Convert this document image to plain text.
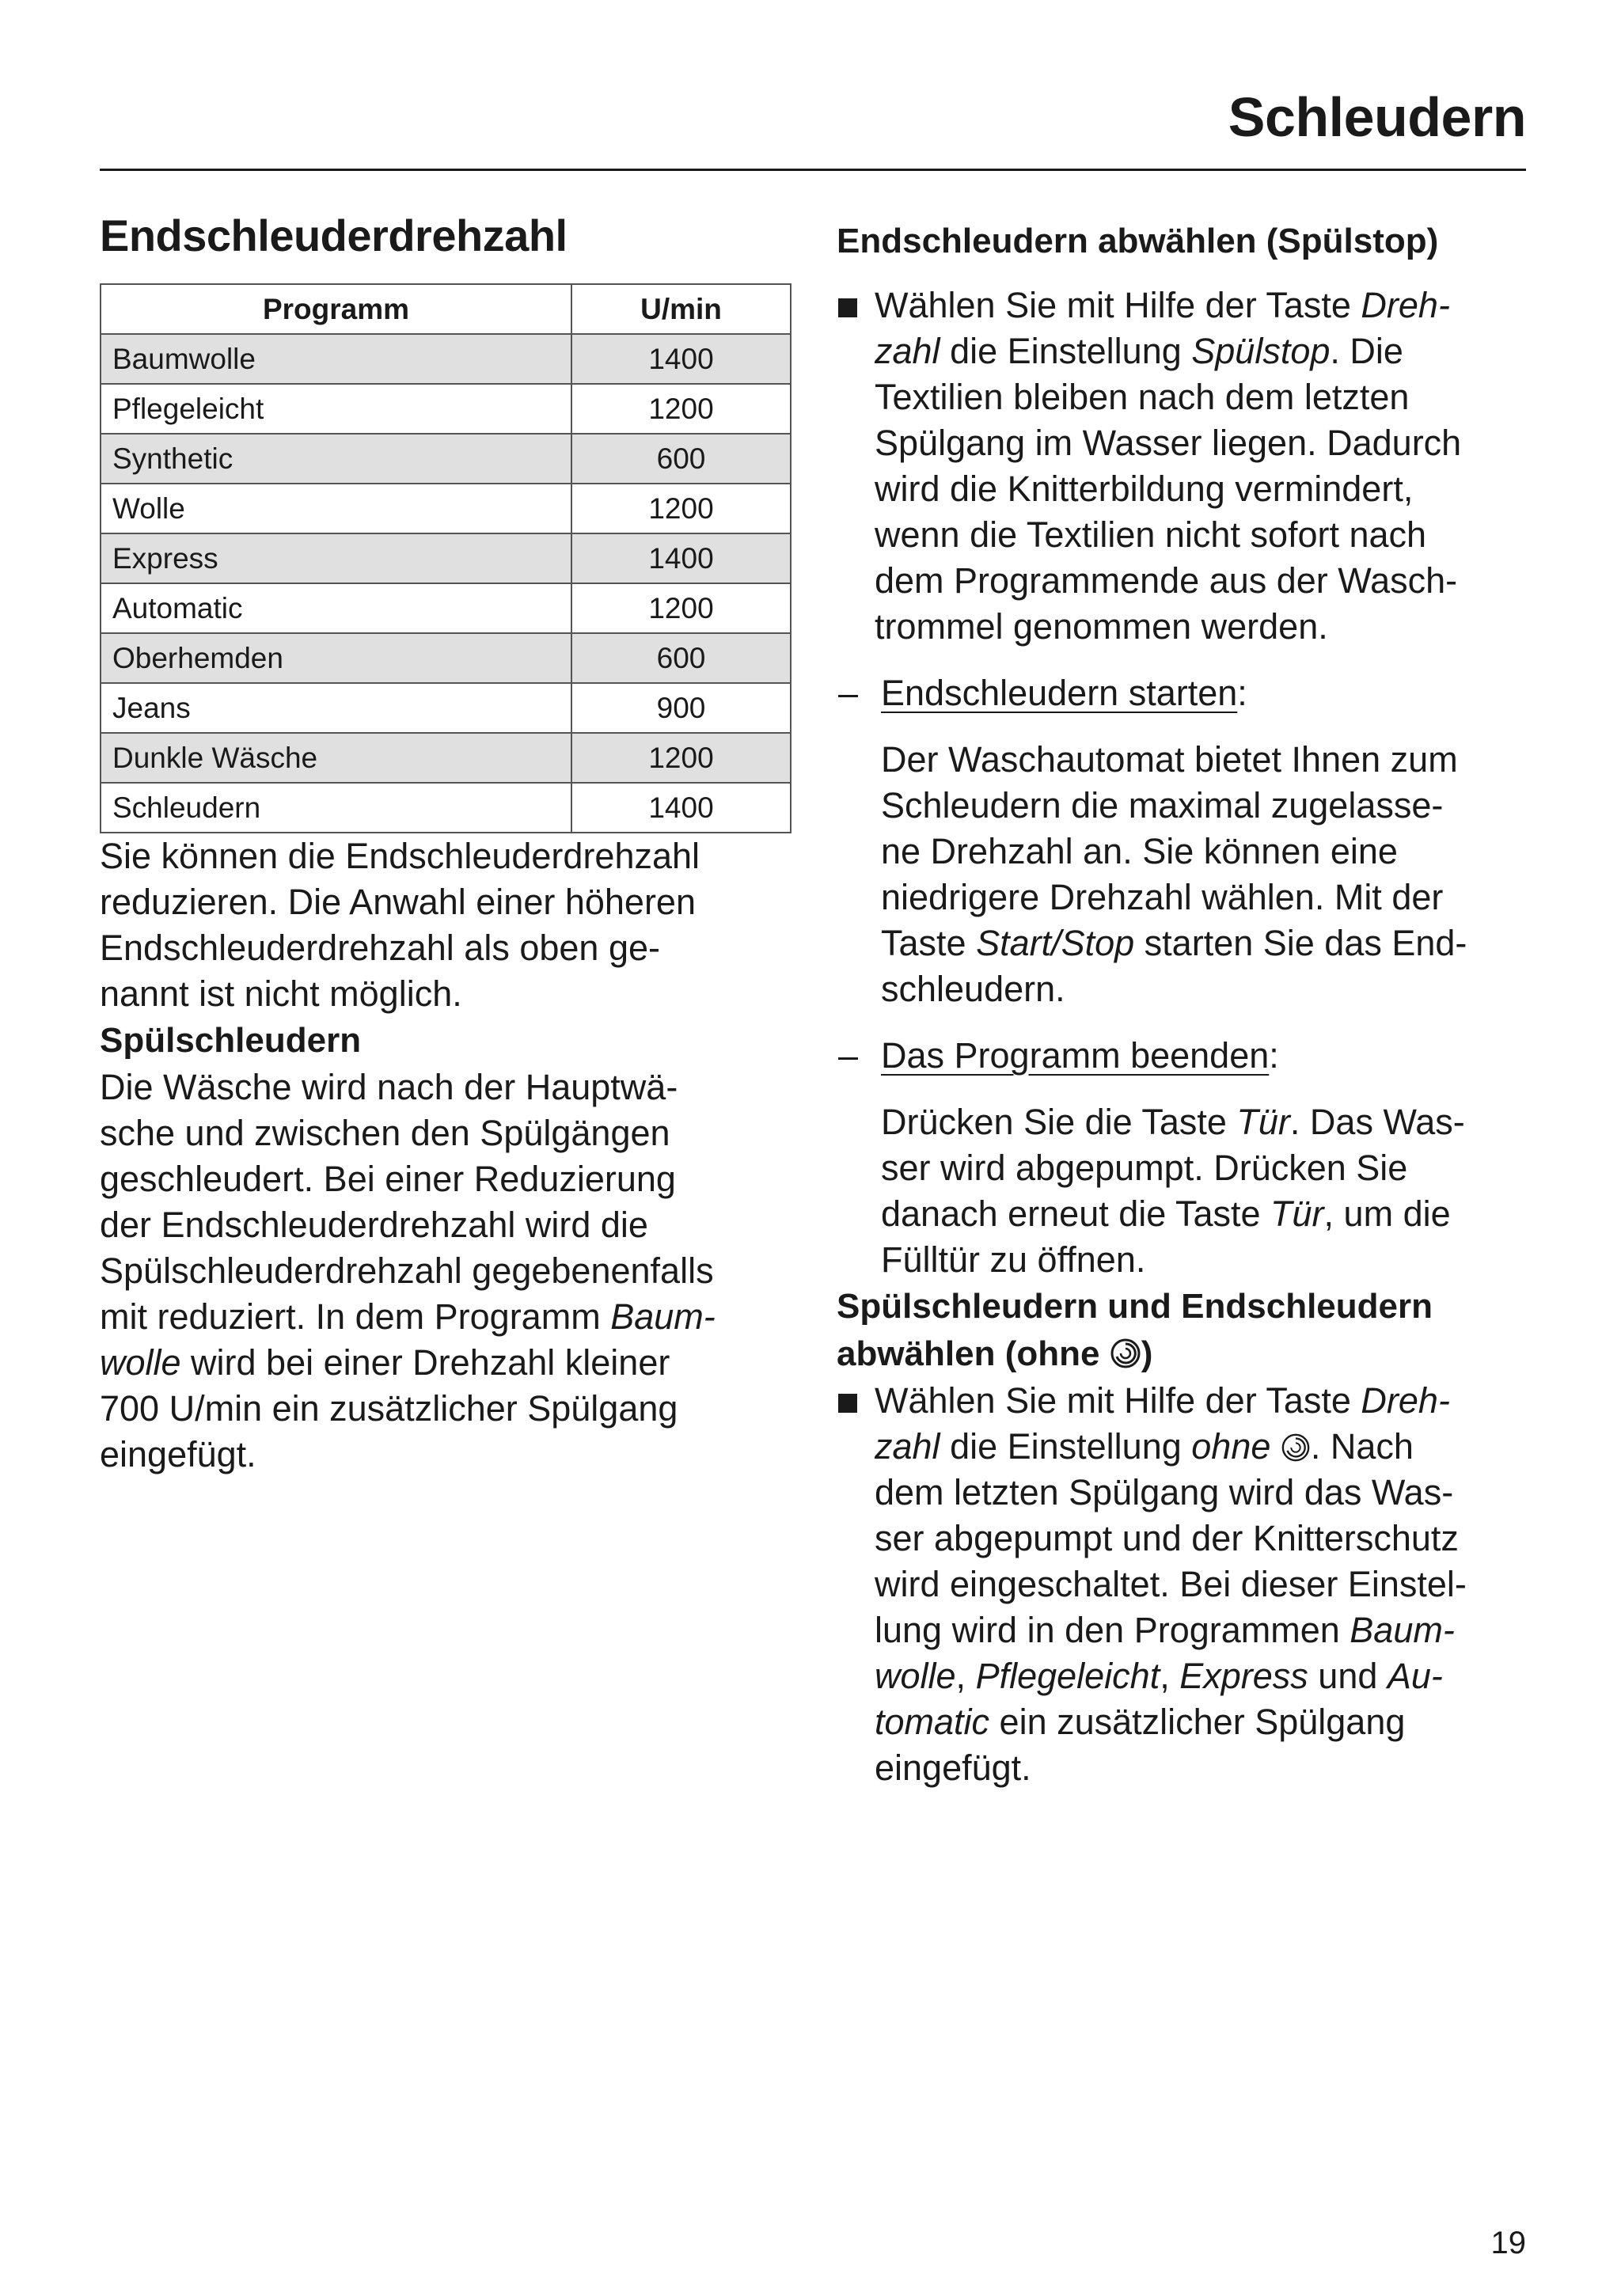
Schleudern
Endschleuderdrehzahl
Programm	U/min
Baumwolle	1400
Pflegeleicht	1200
Synthetic	600
Wolle	1200
Express	1400
Automatic	1200
Oberhemden	600
Jeans	900
Dunkle Wäsche	1200
Schleudern	1400

Sie können die Endschleuderdrehzahl
reduzieren. Die Anwahl einer höheren
Endschleuderdrehzahl als oben ge-
nannt ist nicht möglich.

Spülschleudern

Die Wäsche wird nach der Hauptwä-
sche und zwischen den Spülgängen
geschleudert. Bei einer Reduzierung
der Endschleuderdrehzahl wird die
Spülschleuderdrehzahl gegebenenfalls
mit reduziert. In dem Programm Baum-
wolle wird bei einer Drehzahl kleiner
700 U/min ein zusätzlicher Spülgang
eingefügt.

Endschleudern abwählen (Spülstop)
Wählen Sie mit Hilfe der Taste Dreh-
zahl die Einstellung Spülstop. Die
Textilien bleiben nach dem letzten
Spülgang im Wasser liegen. Dadurch
wird die Knitterbildung vermindert,
wenn die Textilien nicht sofort nach
dem Programmende aus der Wasch-
trommel genommen werden.
– Endschleudern starten:
Der Waschautomat bietet Ihnen zum
Schleudern die maximal zugelasse-
ne Drehzahl an. Sie können eine
niedrigere Drehzahl wählen. Mit der
Taste Start/Stop starten Sie das End-
schleudern.
– Das Programm beenden:
Drücken Sie die Taste Tür. Das Was-
ser wird abgepumpt. Drücken Sie
danach erneut die Taste Tür, um die
Fülltür zu öffnen.
Spülschleudern und Endschleudern
abwählen (ohne )
Wählen Sie mit Hilfe der Taste Dreh-
zahl die Einstellung ohne . Nach
dem letzten Spülgang wird das Was-
ser abgepumpt und der Knitterschutz
wird eingeschaltet. Bei dieser Einstel-
lung wird in den Programmen Baum-
wolle, Pflegeleicht, Express und Au-
tomatic ein zusätzlicher Spülgang
eingefügt.
19
